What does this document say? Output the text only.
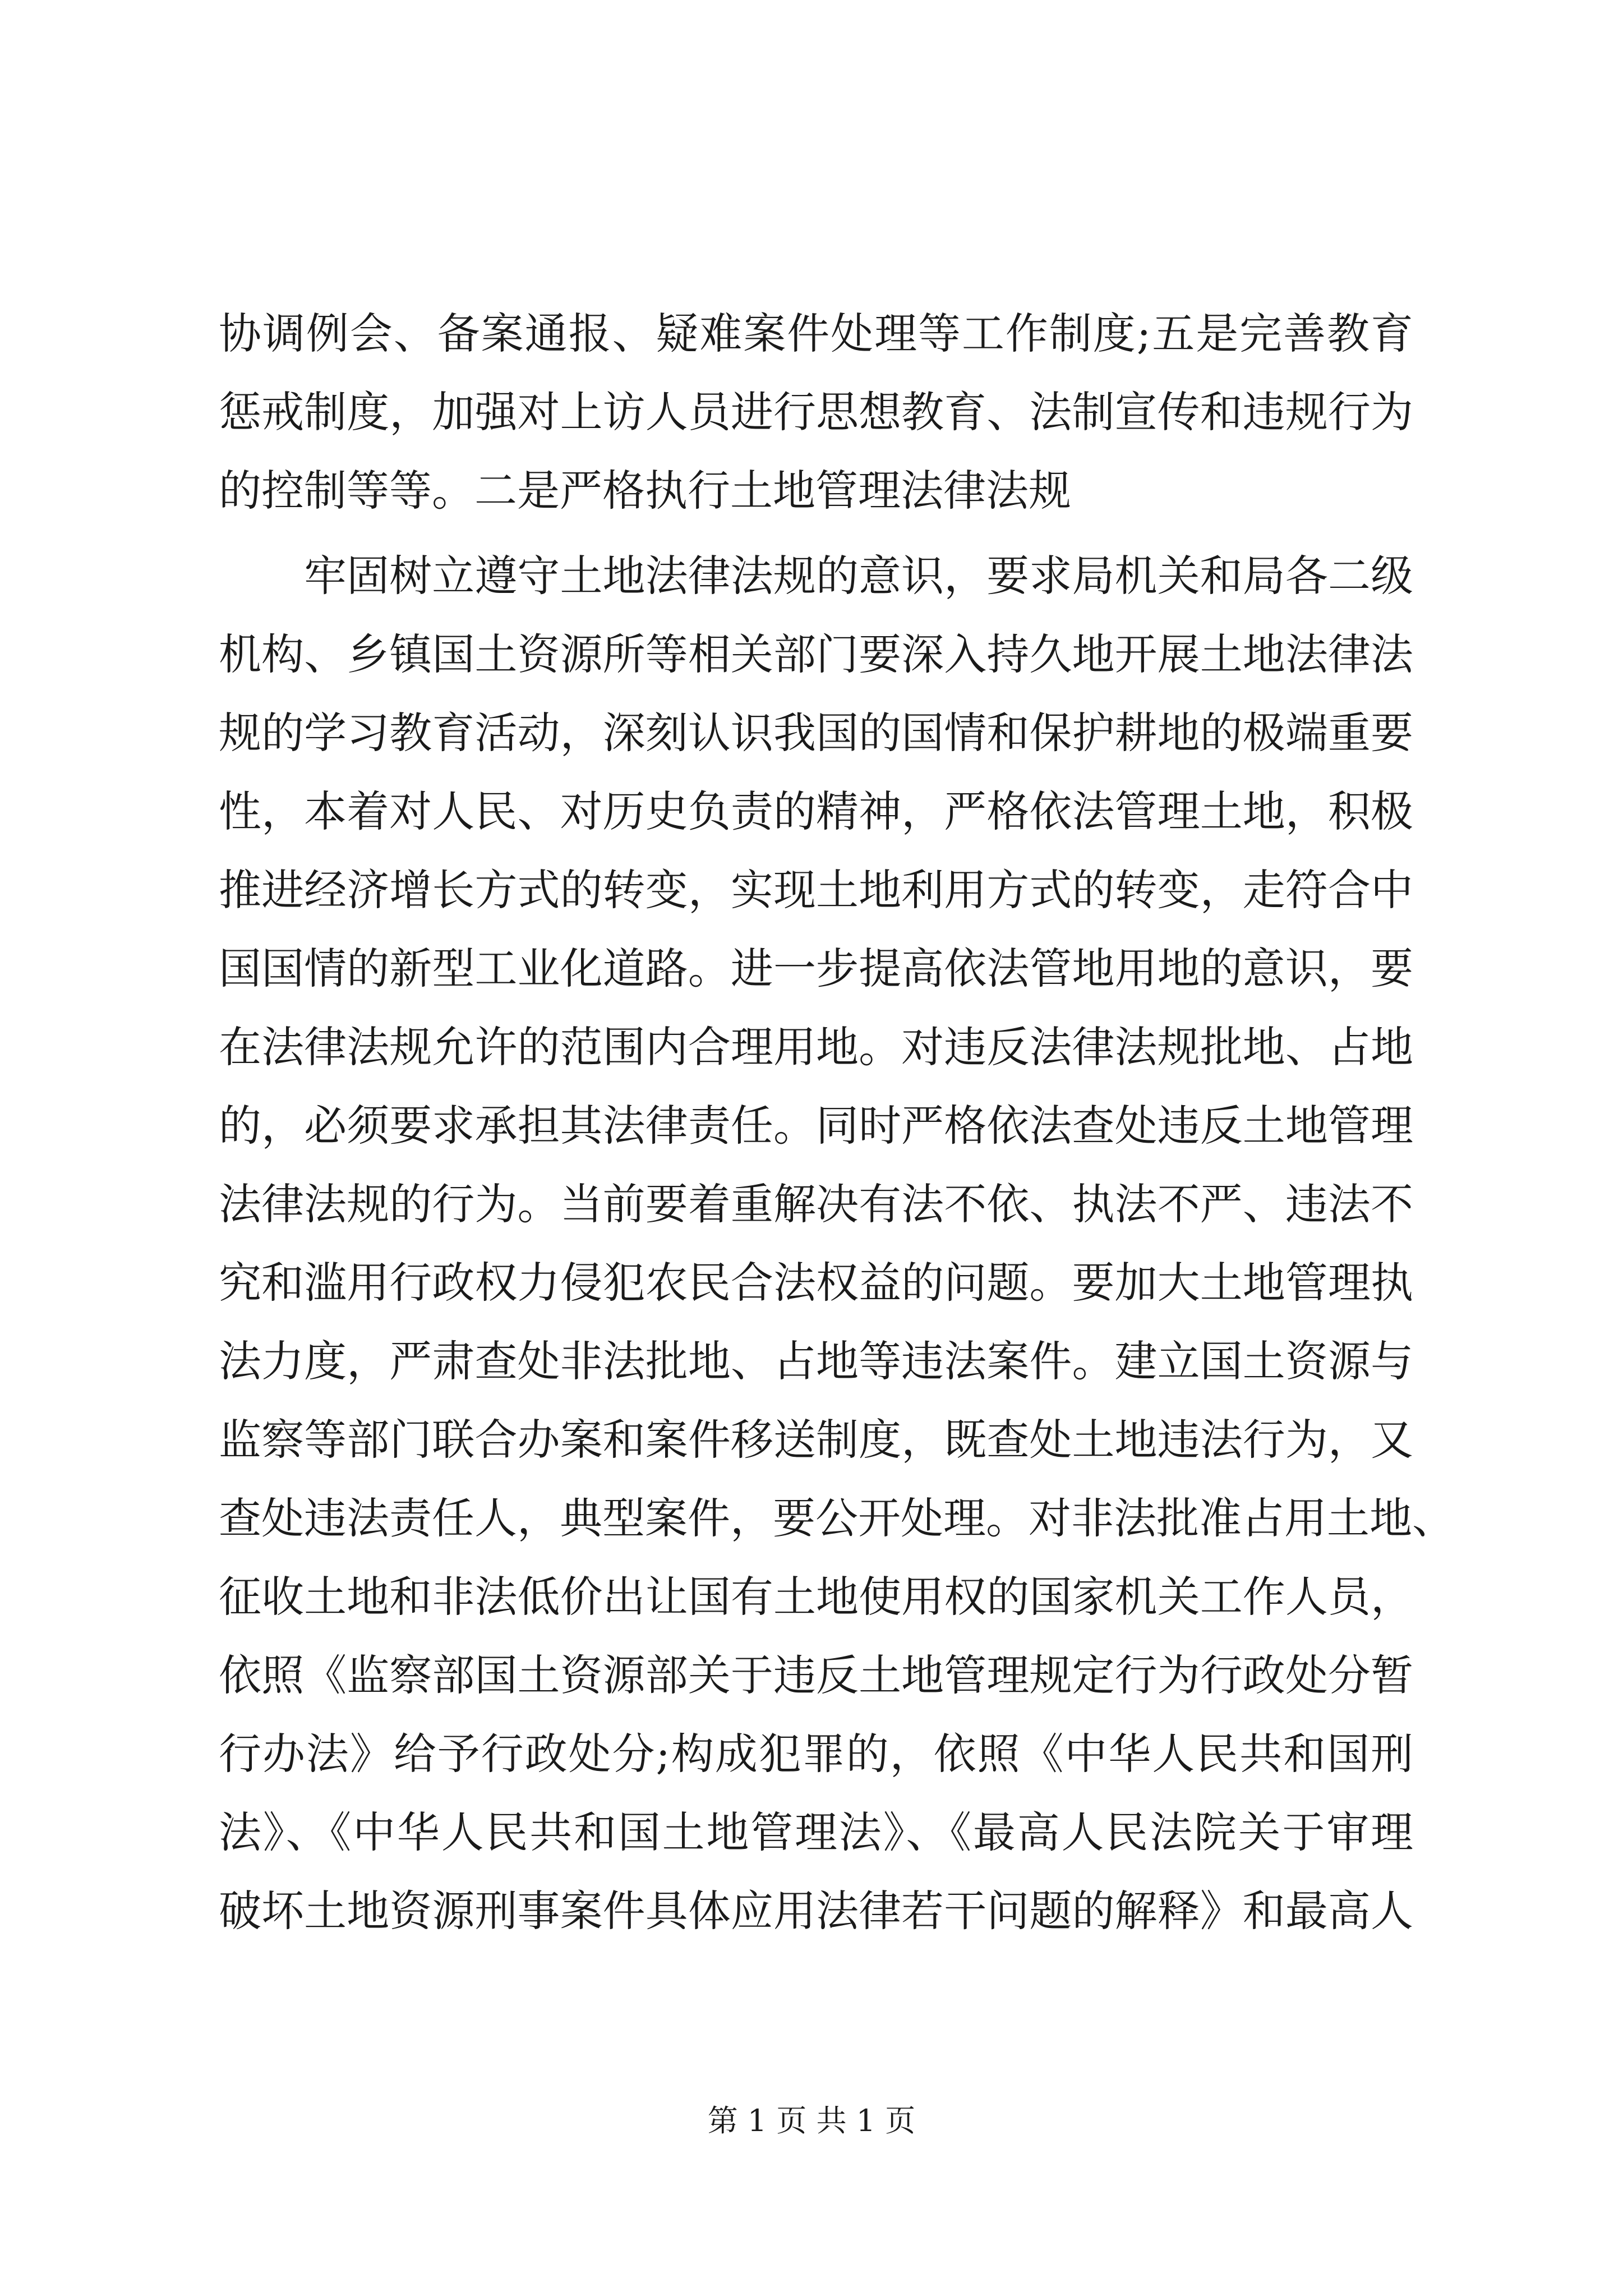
协调例会、备案通报、疑难案件处理等工作制度;五是完善教育
惩戒制度，加强对上访人员进行思想教育、法制宣传和违规行为
的控制等等。二是严格执行土地管理法律法规
牢固树立遵守土地法律法规的意识，要求局机关和局各二级
机构、乡镇国土资源所等相关部门要深入持久地开展土地法律法
规的学习教育活动，深刻认识我国的国情和保护耕地的极端重要
性，本着对人民、对历史负责的精神，严格依法管理土地，积极
推进经济增长方式的转变，实现土地利用方式的转变，走符合中
国国情的新型工业化道路。进一步提高依法管地用地的意识，要
在法律法规允许的范围内合理用地。对违反法律法规批地、占地
的，必须要求承担其法律责任。同时严格依法查处违反土地管理
法律法规的行为。当前要着重解决有法不依、执法不严、违法不
究和滥用行政权力侵犯农民合法权益的问题。要加大土地管理执
法力度，严肃查处非法批地、占地等违法案件。建立国土资源与
监察等部门联合办案和案件移送制度，既查处土地违法行为，又
查处违法责任人，典型案件，要公开处理。对非法批准占用土地、
征收土地和非法低价出让国有土地使用权的国家机关工作人员，
依照《监察部国土资源部关于违反土地管理规定行为行政处分暂
行办法》给予行政处分;构成犯罪的，依照《中华人民共和国刑
法》、《中华人民共和国土地管理法》、《最高人民法院关于审理
破坏土地资源刑事案件具体应用法律若干问题的解释》和最高人
第 1 页 共 1 页
